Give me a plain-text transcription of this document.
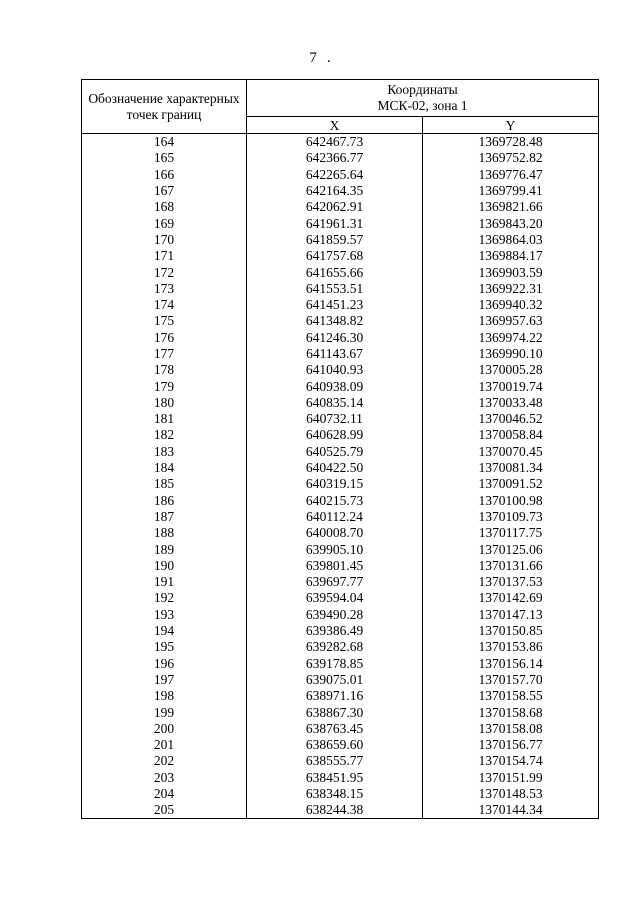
7 .
Обозначение характерных точек границ	Координаты
МСК-02, зона 1	

	X	Y
164	642467.73	1369728.48
165	642366.77	1369752.82
166	642265.64	1369776.47
167	642164.35	1369799.41
168	642062.91	1369821.66
169	641961.31	1369843.20
170	641859.57	1369864.03
171	641757.68	1369884.17
172	641655.66	1369903.59
173	641553.51	1369922.31
174	641451.23	1369940.32
175	641348.82	1369957.63
176	641246.30	1369974.22
177	641143.67	1369990.10
178	641040.93	1370005.28
179	640938.09	1370019.74
180	640835.14	1370033.48
181	640732.11	1370046.52
182	640628.99	1370058.84
183	640525.79	1370070.45
184	640422.50	1370081.34
185	640319.15	1370091.52
186	640215.73	1370100.98
187	640112.24	1370109.73
188	640008.70	1370117.75
189	639905.10	1370125.06
190	639801.45	1370131.66
191	639697.77	1370137.53
192	639594.04	1370142.69
193	639490.28	1370147.13
194	639386.49	1370150.85
195	639282.68	1370153.86
196	639178.85	1370156.14
197	639075.01	1370157.70
198	638971.16	1370158.55
199	638867.30	1370158.68
200	638763.45	1370158.08
201	638659.60	1370156.77
202	638555.77	1370154.74
203	638451.95	1370151.99
204	638348.15	1370148.53
205	638244.38	1370144.34
